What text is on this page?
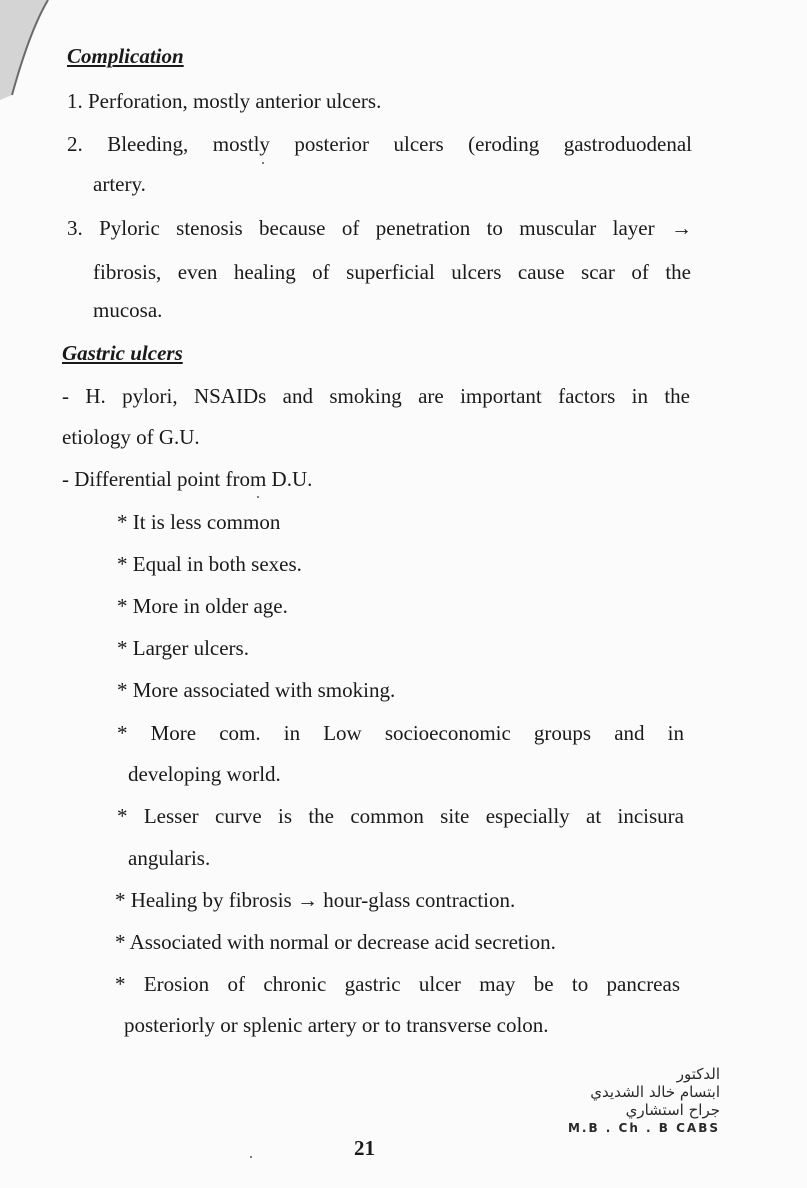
Complication
1. Perforation, mostly anterior ulcers.
2. Bleeding, mostly posterior ulcers (eroding gastroduodenal
artery.
3. Pyloric stenosis because of penetration to muscular layer →
fibrosis, even healing of superficial ulcers cause scar of the
mucosa.
Gastric ulcers
- H. pylori, NSAIDs and smoking are important factors in the
etiology of G.U.
- Differential point from D.U.
* It is less common
* Equal in both sexes.
* More in older age.
* Larger ulcers.
* More associated with smoking.
* More com. in Low socioeconomic groups and in
developing world.
* Lesser curve is the common site especially at incisura
angularis.
* Healing by fibrosis → hour-glass contraction.
* Associated with normal or decrease acid secretion.
* Erosion of chronic gastric ulcer may be to pancreas
posteriorly or splenic artery or to transverse colon.
الدكتور
ابتسام خالد الشديدي
جراح استشاري
M.B . Ch . B CABS
21
